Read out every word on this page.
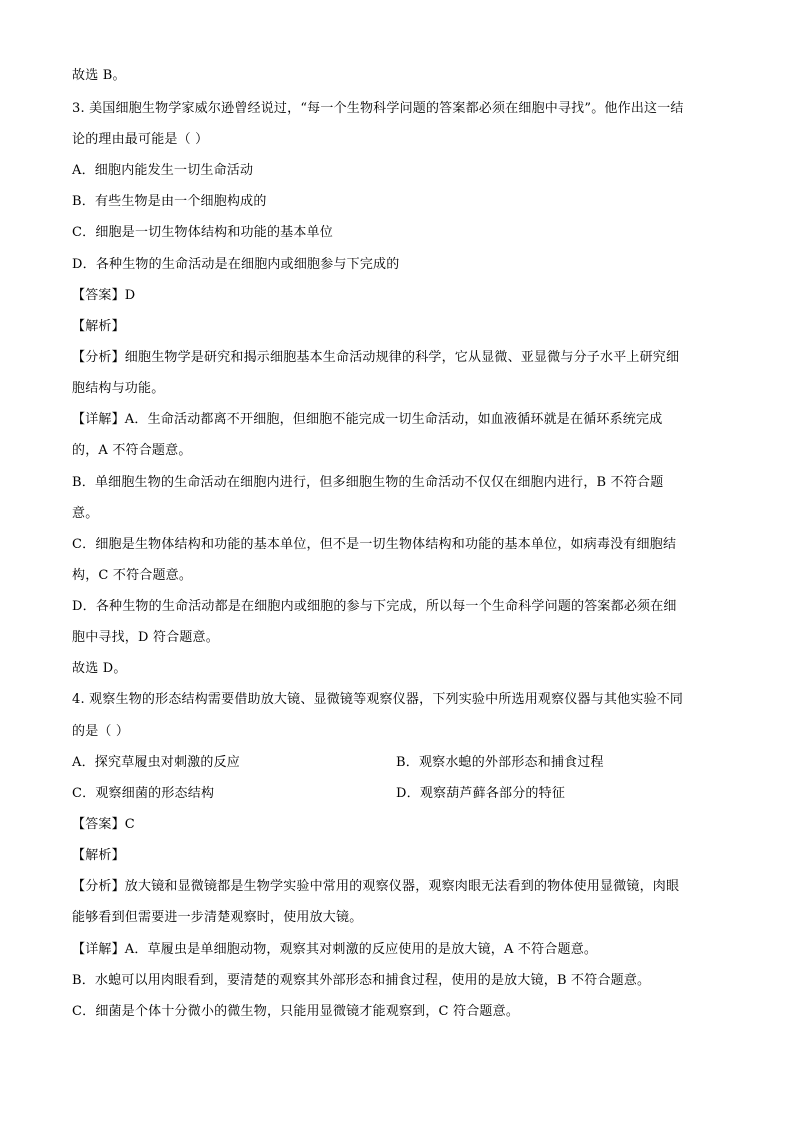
故选 B。
3. 美国细胞生物学家威尔逊曾经说过，“每一个生物科学问题的答案都必须在细胞中寻找”。他作出这一结
论的理由最可能是（ ）
A．细胞内能发生一切生命活动
B．有些生物是由一个细胞构成的
C．细胞是一切生物体结构和功能的基本单位
D．各种生物的生命活动是在细胞内或细胞参与下完成的
【答案】D
【解析】
【分析】细胞生物学是研究和揭示细胞基本生命活动规律的科学，它从显微、亚显微与分子水平上研究细
胞结构与功能。
【详解】A．生命活动都离不开细胞，但细胞不能完成一切生命活动，如血液循环就是在循环系统完成
的，A 不符合题意。
B．单细胞生物的生命活动在细胞内进行，但多细胞生物的生命活动不仅仅在细胞内进行，B 不符合题
意。
C．细胞是生物体结构和功能的基本单位，但不是一切生物体结构和功能的基本单位，如病毒没有细胞结
构，C 不符合题意。
D．各种生物的生命活动都是在细胞内或细胞的参与下完成，所以每一个生命科学问题的答案都必须在细
胞中寻找，D 符合题意。
故选 D。
4. 观察生物的形态结构需要借助放大镜、显微镜等观察仪器，下列实验中所选用观察仪器与其他实验不同
的是（ ）
A．探究草履虫对刺激的反应	B．观察水螅的外部形态和捕食过程
C．观察细菌的形态结构	D．观察葫芦藓各部分的特征
【答案】C
【解析】
【分析】放大镜和显微镜都是生物学实验中常用的观察仪器，观察肉眼无法看到的物体使用显微镜，肉眼
能够看到但需要进一步清楚观察时，使用放大镜。
【详解】A．草履虫是单细胞动物，观察其对刺激的反应使用的是放大镜，A 不符合题意。
B．水螅可以用肉眼看到，要清楚的观察其外部形态和捕食过程，使用的是放大镜，B 不符合题意。
C．细菌是个体十分微小的微生物，只能用显微镜才能观察到，C 符合题意。
